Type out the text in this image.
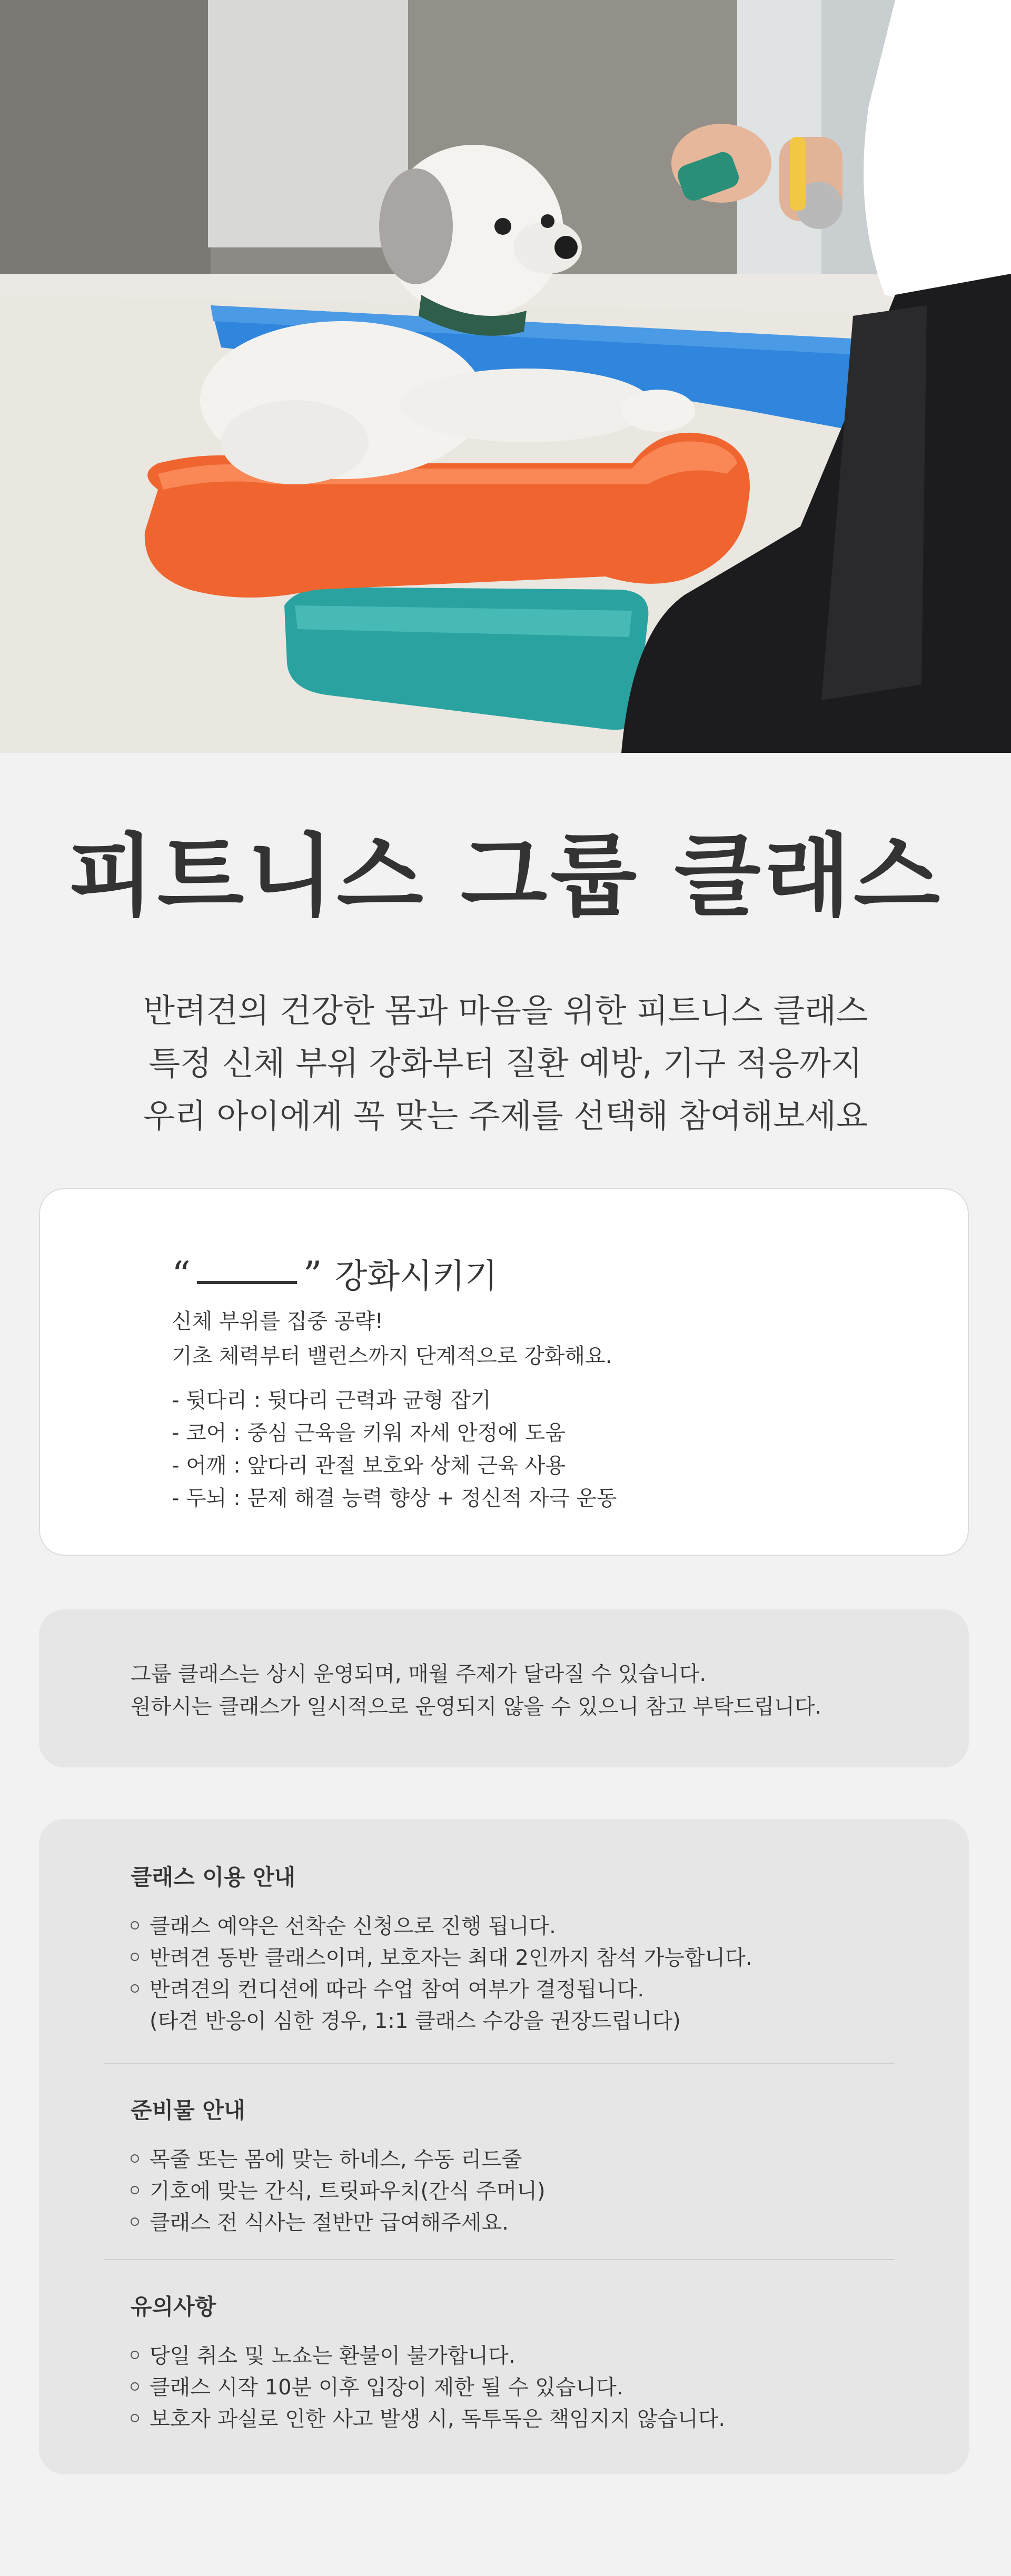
피트니스 그룹 클래스

반려견의 건강한 몸과 마음을 위한 피트니스 클래스

특정 신체 부위 강화부터 질환 예방, 기구 적응까지

우리 아이에게 꼭 맞는 주제를 선택해 참여해보세요

“	” 강화시키기

신체 부위를 집중 공략!

기초 체력부터 밸런스까지 단계적으로 강화해요.

- 뒷다리 : 뒷다리 근력과 균형 잡기
- 코어 : 중심 근육을 키워 자세 안정에 도움
- 어깨 : 앞다리 관절 보호와 상체 근육 사용
- 두뇌 : 문제 해결 능력 향상 + 정신적 자극 운동

그룹 클래스는 상시 운영되며, 매월 주제가 달라질 수 있습니다.

원하시는 클래스가 일시적으로 운영되지 않을 수 있으니 참고 부탁드립니다.

클래스 이용 안내
클래스 예약은 선착순 신청으로 진행 됩니다.
반려견 동반 클래스이며, 보호자는 최대 2인까지 참석 가능합니다.
반려견의 컨디션에 따라 수업 참여 여부가 결정됩니다.
(타견 반응이 심한 경우, 1:1 클래스 수강을 권장드립니다)
준비물 안내
목줄 또는 몸에 맞는 하네스, 수동 리드줄
기호에 맞는 간식, 트릿파우치(간식 주머니)
클래스 전 식사는 절반만 급여해주세요.
유의사항
당일 취소 및 노쇼는 환불이 불가합니다.
클래스 시작 10분 이후 입장이 제한 될 수 있습니다.
보호자 과실로 인한 사고 발생 시, 독투독은 책임지지 않습니다.
